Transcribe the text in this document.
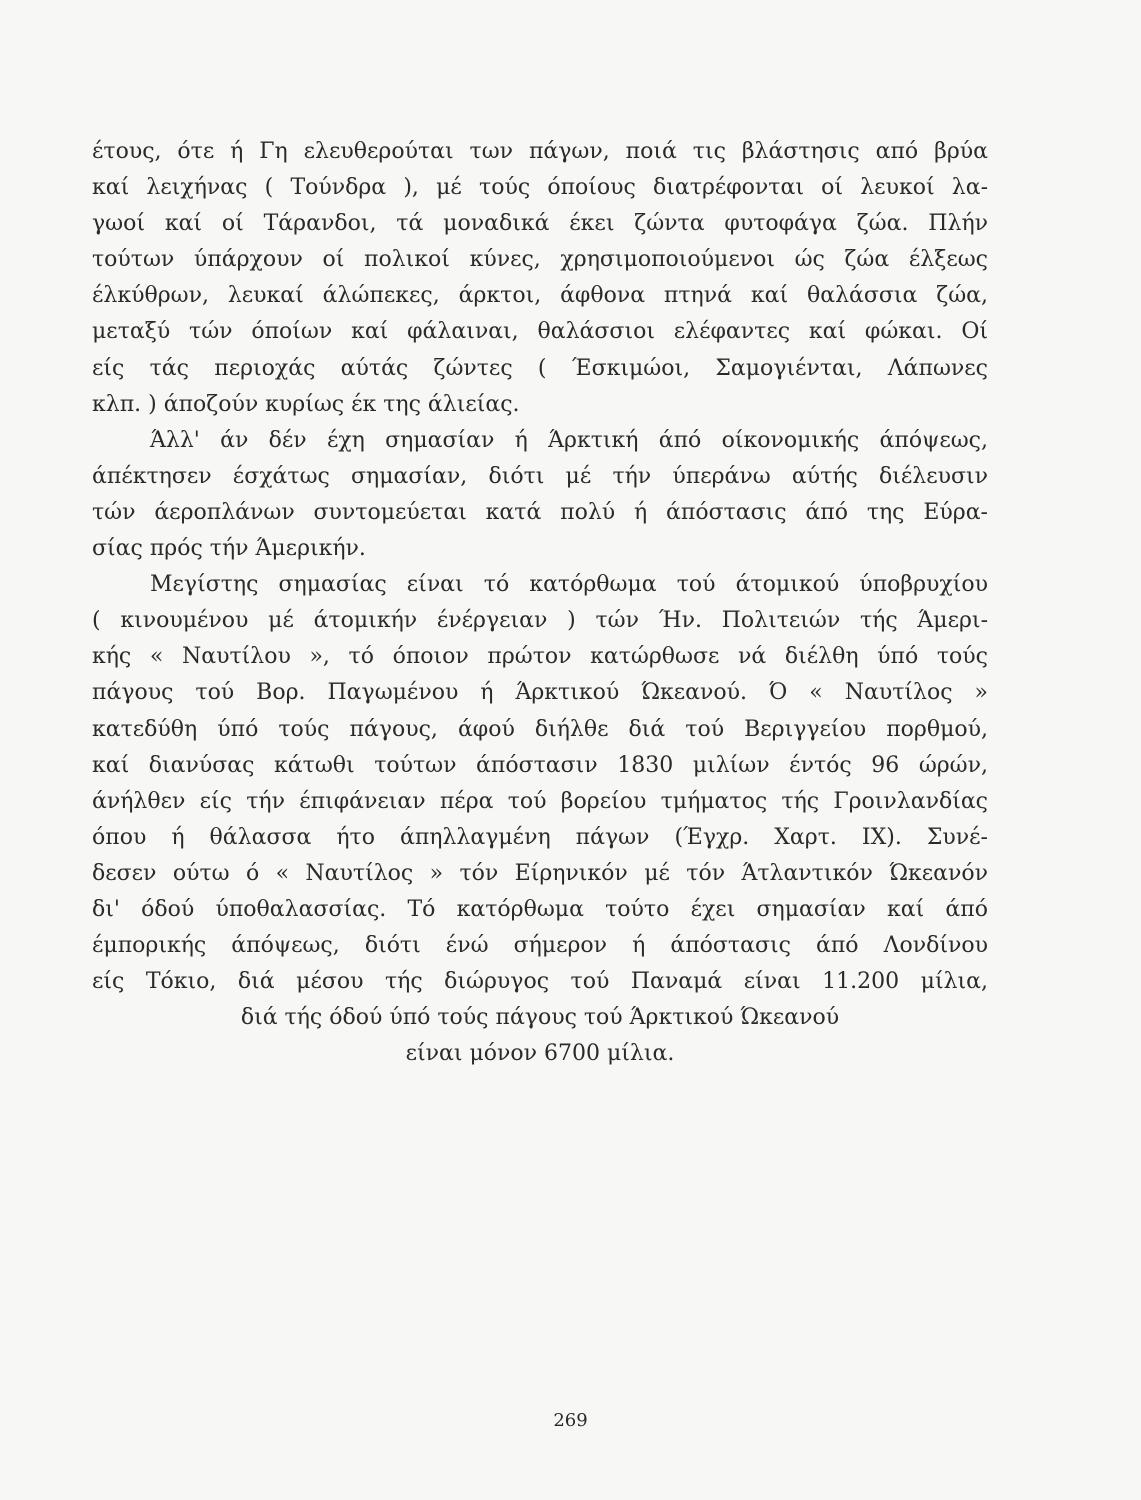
έτους, ότε ή Γη ελευθερούται των πάγων, ποιά τις βλάστησις από βρύα
καί λειχήνας ( Τούνδρα ), μέ τούς όποίους διατρέφονται οί λευκοί λα-
γωοί καί οί Τάρανδοι, τά μοναδικά έκει ζώντα φυτοφάγα ζώα. Πλήν
τούτων ύπάρχουν οί πολικοί κύνες, χρησιμοποιούμενοι ώς ζώα έλξεως
έλκύθρων, λευκαί άλώπεκες, άρκτοι, άφθονα πτηνά καί θαλάσσια ζώα,
μεταξύ τών όποίων καί φάλαιναι, θαλάσσιοι ελέφαντες καί φώκαι. Οί
είς τάς περιοχάς αύτάς ζώντες ( Έσκιμώοι, Σαμογιένται, Λάπωνες
κλπ. ) άποζούν κυρίως έκ της άλιείας.
Άλλ' άν δέν έχη σημασίαν ή Άρκτική άπό οίκονομικής άπόψεως,
άπέκτησεν έσχάτως σημασίαν, διότι μέ τήν ύπεράνω αύτής διέλευσιν
τών άεροπλάνων συντομεύεται κατά πολύ ή άπόστασις άπό της Εύρα-
σίας πρός τήν Άμερικήν.
Μεγίστης σημασίας είναι τό κατόρθωμα τού άτομικού ύποβρυχίου
( κινουμένου μέ άτομικήν ένέργειαν ) τών Ήν. Πολιτειών τής Άμερι-
κής « Ναυτίλου », τό όποιον πρώτον κατώρθωσε νά διέλθη ύπό τούς
πάγους τού Βορ. Παγωμένου ή Άρκτικού Ώκεανού. Ό « Ναυτίλος »
κατεδύθη ύπό τούς πάγους, άφού διήλθε διά τού Βεριγγείου πορθμού,
καί διανύσας κάτωθι τούτων άπόστασιν 1830 μιλίων έντός 96 ώρών,
άνήλθεν είς τήν έπιφάνειαν πέρα τού βορείου τμήματος τής Γροινλανδίας
όπου ή θάλασσα ήτο άπηλλαγμένη πάγων (Έγχρ. Χαρτ. ΙΧ). Συνέ-
δεσεν ούτω ό « Ναυτίλος » τόν Είρηνικόν μέ τόν Άτλαντικόν Ώκεανόν
δι' όδού ύποθαλασσίας. Τό κατόρθωμα τούτο έχει σημασίαν καί άπό
έμπορικής άπόψεως, διότι ένώ σήμερον ή άπόστασις άπό Λονδίνου
είς Τόκιο, διά μέσου τής διώρυγος τού Παναμά είναι 11.200 μίλια,
διά τής όδού ύπό τούς πάγους τού Άρκτικού Ώκεανού
είναι μόνον 6700 μίλια.
269
